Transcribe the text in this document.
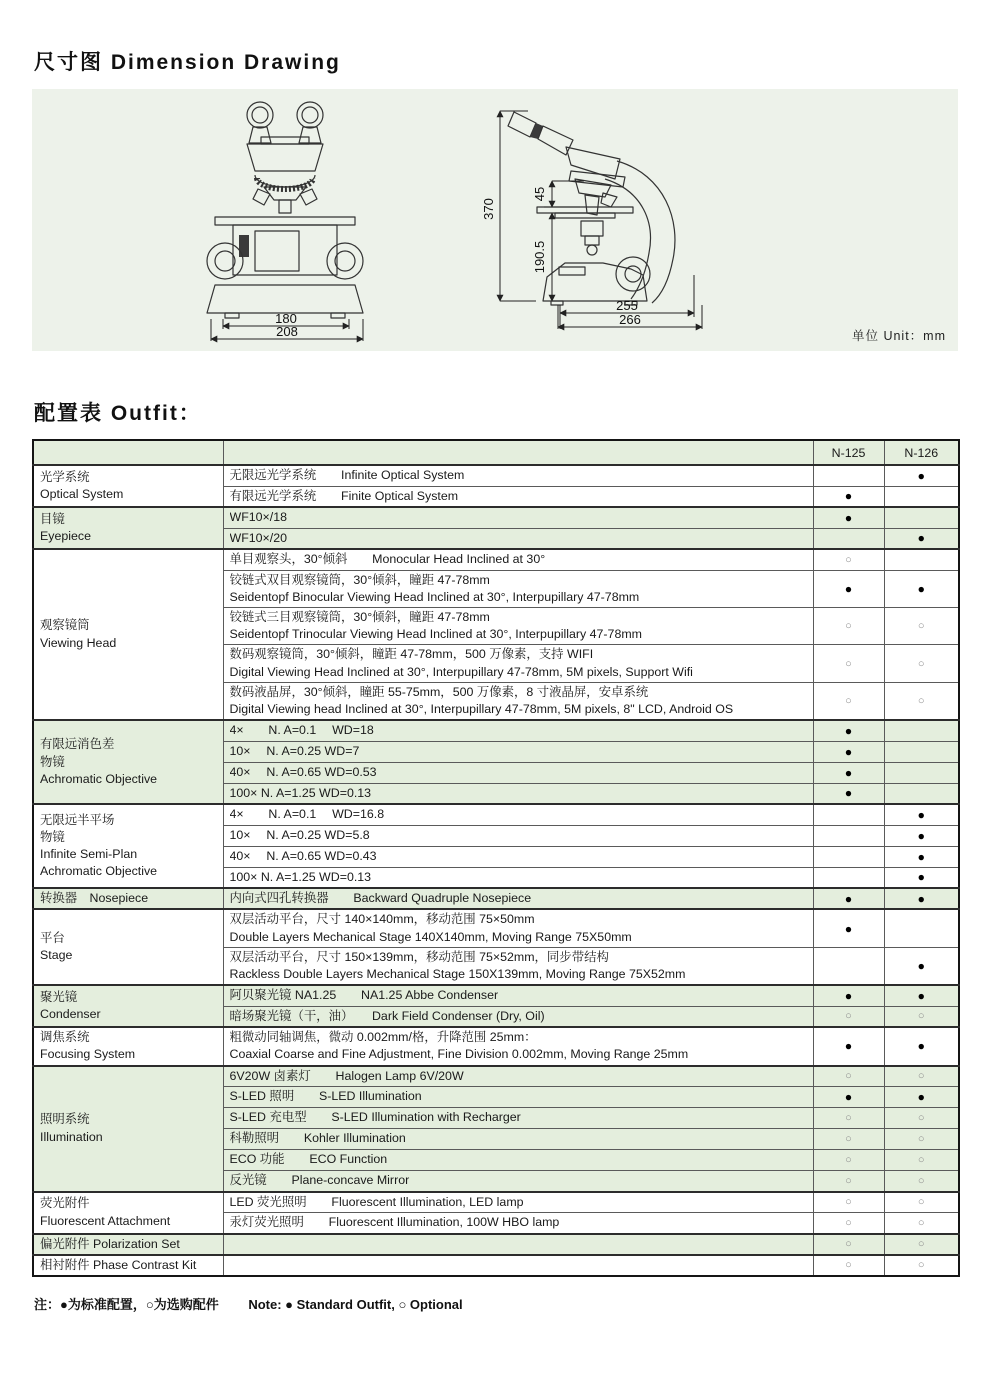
尺寸图 Dimension Drawing
180
208
370
45
190.5
255
266
单位 Unit：mm
配置表 Outfit：
		N-125	N-126

光学系统
Optical System	无限远光学系统　　Infinite Optical System		●

	有限远光学系统　　Finite Optical System	●	

目镜
Eyepiece	WF10×/18	●	

	WF10×/20		●

观察镜筒
Viewing Head	单目观察头，30°倾斜　　Monocular Head Inclined at 30°	○	

	铰链式双目观察镜筒，30°倾斜，瞳距 47-78mm
Seidentopf Binocular Viewing Head Inclined at 30°, Interpupillary 47-78mm	●	●

	铰链式三目观察镜筒，30°倾斜，瞳距 47-78mm
Seidentopf Trinocular Viewing Head Inclined at 30°, Interpupillary 47-78mm	○	○

	数码观察镜筒，30°倾斜，瞳距 47-78mm，500 万像素，支持 WIFI
Digital Viewing Head Inclined at 30°, Interpupillary 47-78mm, 5M pixels, Support Wifi	○	○

	数码液晶屏，30°倾斜，瞳距 55-75mm，500 万像素，8 寸液晶屏，安卓系统
Digital Viewing head Inclined at 30°, Interpupillary 47-78mm, 5M pixels, 8" LCD, Android OS	○	○

有限远消色差
物镜
Achromatic Objective	4×　　N. A=0.1　 WD=18	●	

	10×　 N. A=0.25 WD=7	●	

	40×　 N. A=0.65 WD=0.53	●	

	100× N. A=1.25 WD=0.13	●	

无限远半平场
物镜
Infinite Semi-Plan
Achromatic Objective	4×　　N. A=0.1　 WD=16.8		●

	10×　 N. A=0.25 WD=5.8		●

	40×　 N. A=0.65 WD=0.43		●

	100× N. A=1.25 WD=0.13		●

转换器　Nosepiece	内向式四孔转换器　　Backward Quadruple Nosepiece	●	●

平台
Stage

双层活动平台，尺寸 140×140mm，移动范围 75×50mm
Double Layers Mechanical Stage 140X140mm, Moving Range 75X50mm
	●	

	双层活动平台，尺寸 150×139mm，移动范围 75×52mm，同步带结构
Rackless Double Layers Mechanical Stage 150X139mm, Moving Range 75X52mm		●

聚光镜
Condenser	阿贝聚光镜 NA1.25　　NA1.25 Abbe Condenser	●	●

	暗场聚光镜（干，油）　　Dark Field Condenser (Dry, Oil)	○	○

调焦系统
Focusing System

粗微动同轴调焦，微动 0.002mm/格，升降范围 25mm：
Coaxial Coarse and Fine Adjustment, Fine Division 0.002mm, Moving Range 25mm
	●	●

照明系统
Illumination	6V20W 卤素灯　　Halogen Lamp 6V/20W	○	○

	S-LED 照明　　S-LED Illumination	●	●

	S-LED 充电型　　S-LED Illumination with Recharger	○	○

	科勒照明　　Kohler Illumination	○	○

	ECO 功能　　ECO Function	○	○

	反光镜　　Plane-concave Mirror	○	○

荧光附件
Fluorescent Attachment	LED 荧光照明　　Fluorescent Illumination, LED lamp	○	○

	汞灯荧光照明　　Fluorescent Illumination, 100W HBO lamp	○	○

偏光附件 Polarization Set		○	○

相衬附件 Phase Contrast Kit		○	○
注：●为标准配置，○为选购配件 Note: ● Standard Outfit, ○ Optional
